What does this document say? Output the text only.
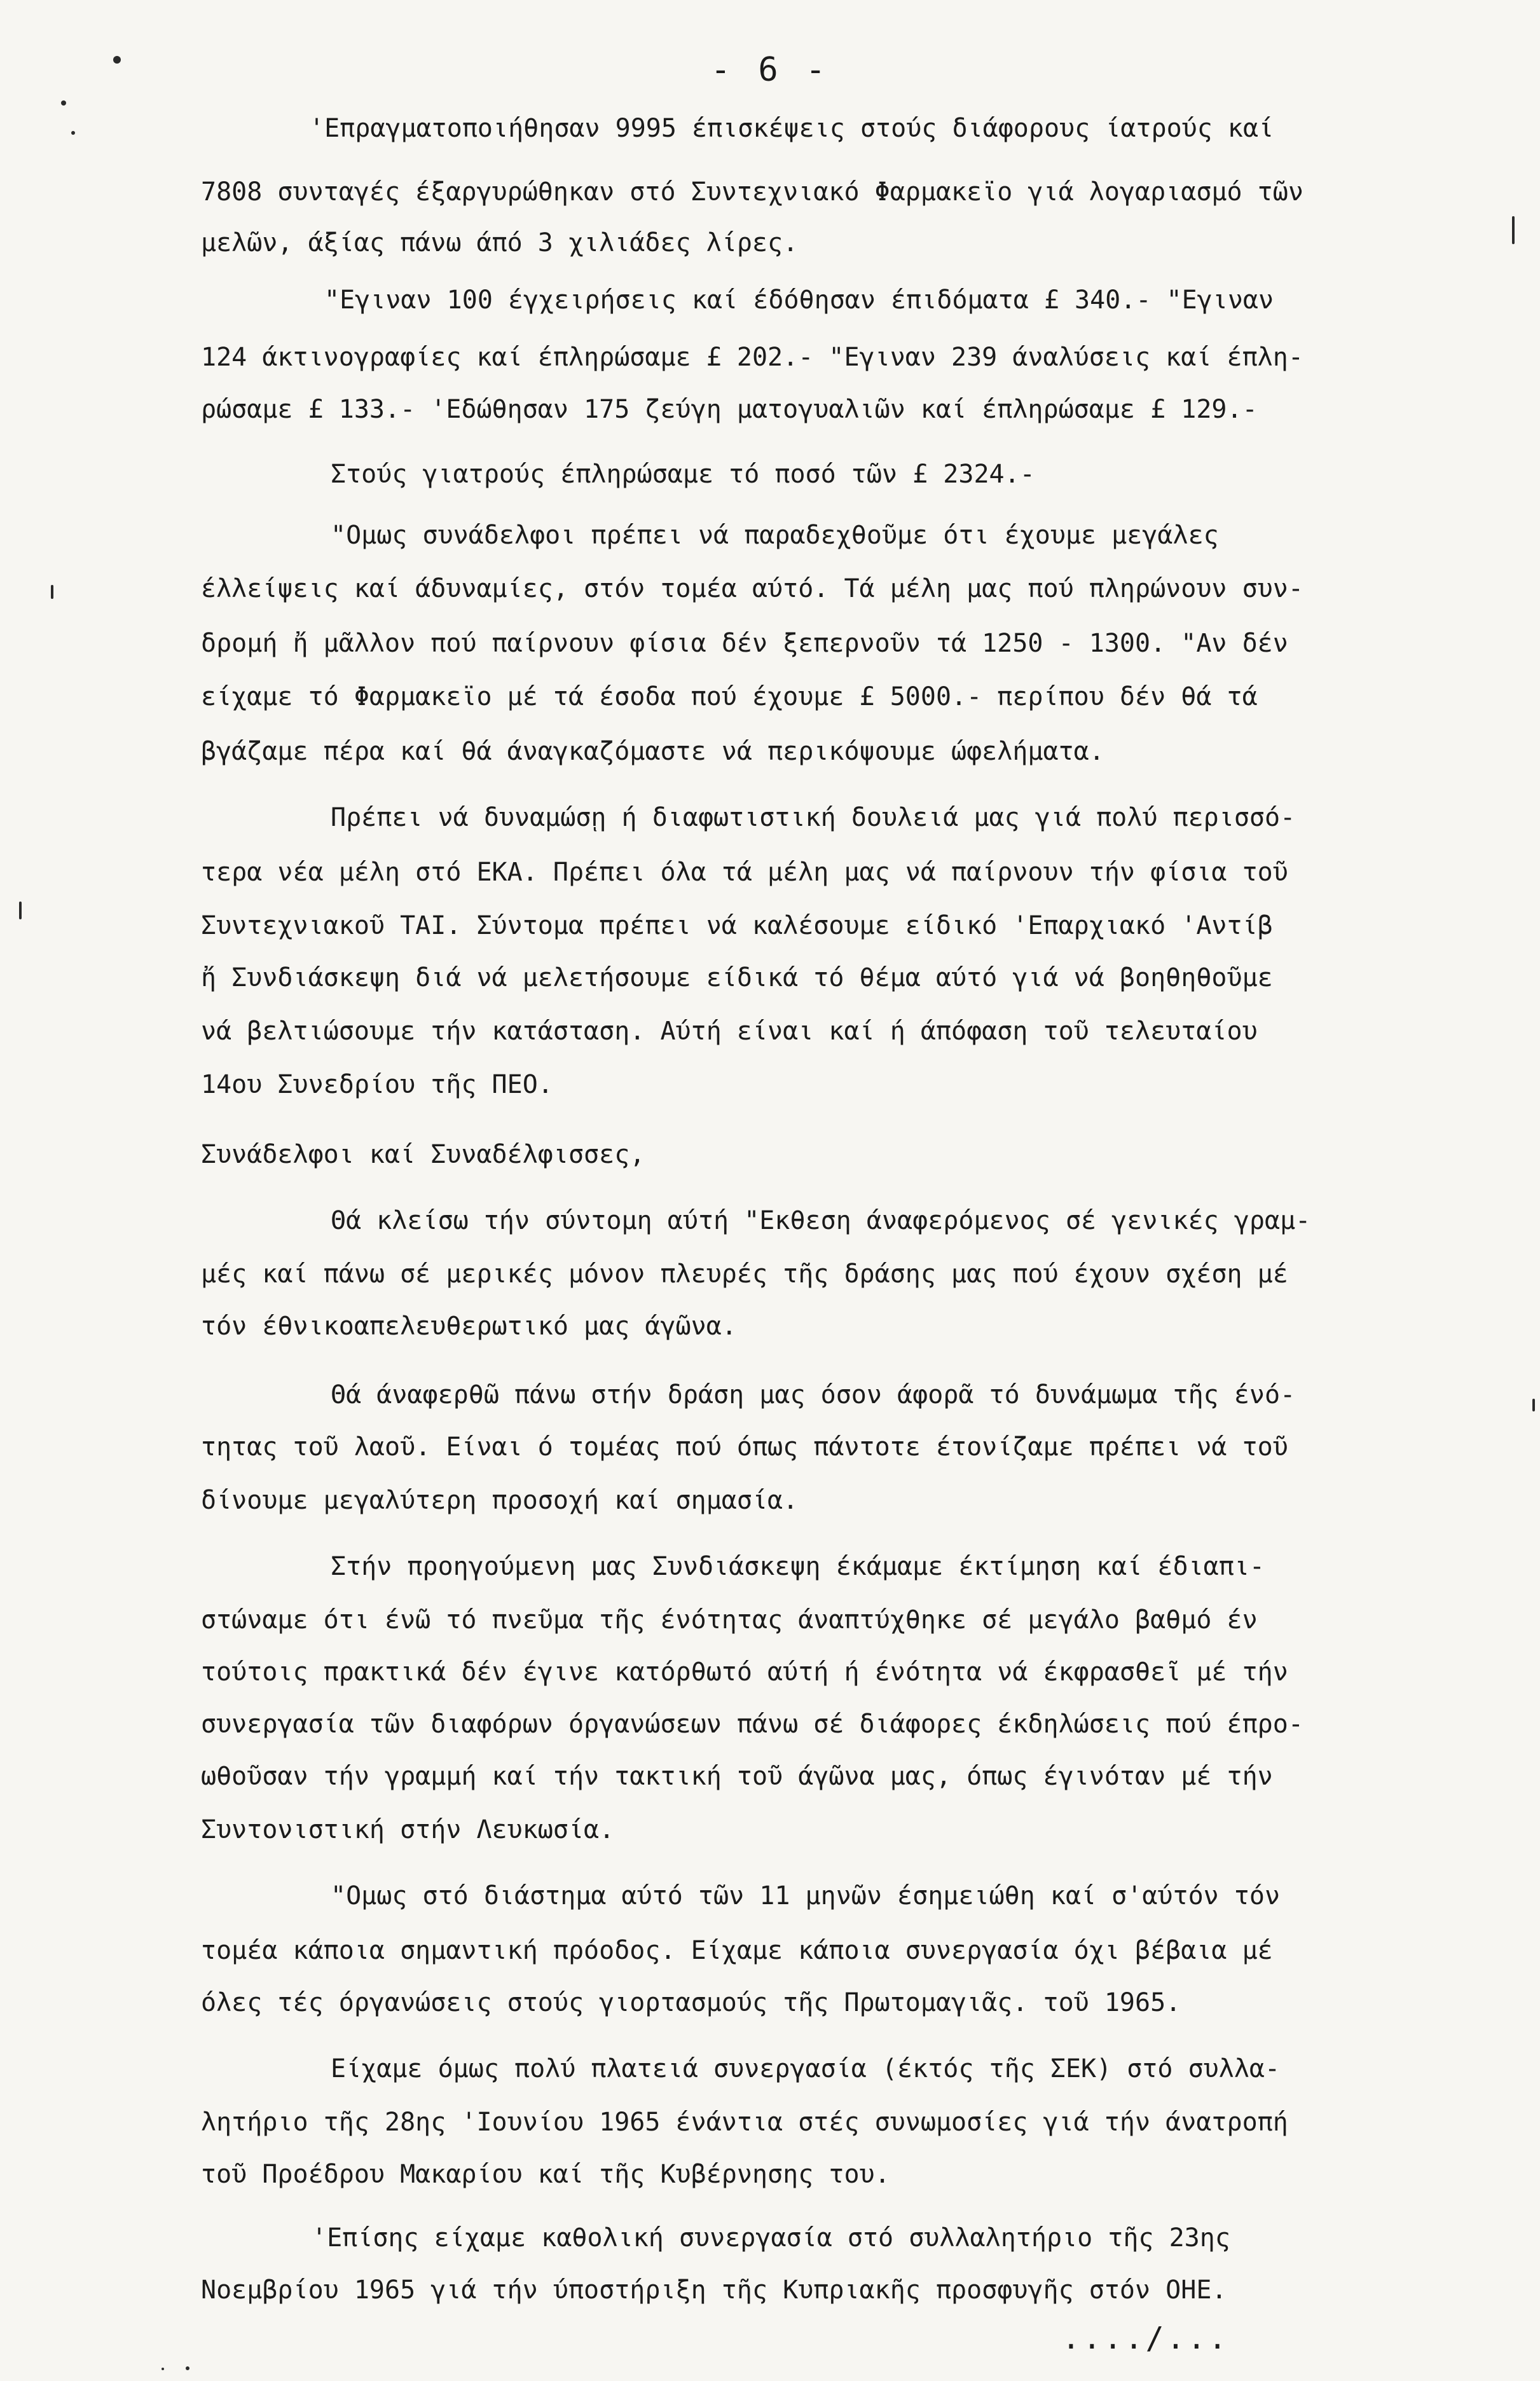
- 6 -
'Επραγματοποιήθησαν 9995 έπισκέψεις στούς διάφορους ίατρούς καί
7808 συνταγές έξαργυρώθηκαν στό Συντεχνιακό Φαρμακεϊο γιά λογαριασμό τῶν
μελῶν, άξίας πάνω άπό 3 χιλιάδες λίρες.
"Εγιναν 100 έγχειρήσεις καί έδόθησαν έπιδόματα £ 340.- "Εγιναν
124 άκτινογραφίες καί έπληρώσαμε £ 202.- "Εγιναν 239 άναλύσεις καί έπλη-
ρώσαμε £ 133.- 'Εδώθησαν 175 ζεύγη ματογυαλιῶν καί έπληρώσαμε £ 129.-
Στούς γιατρούς έπληρώσαμε τό ποσό τῶν £ 2324.-
"Ομως συνάδελφοι πρέπει νά παραδεχθοῦμε ότι έχουμε μεγάλες
έλλείψεις καί άδυναμίες, στόν τομέα αύτό. Τά μέλη μας πού πληρώνουν συν-
δρομή ἤ μᾶλλον πού παίρνουν φίσια δέν ξεπερνοῦν τά 1250 - 1300. "Αν δέν
είχαμε τό Φαρμακεϊο μέ τά έσοδα πού έχουμε £ 5000.- περίπου δέν θά τά
βγάζαμε πέρα καί θά άναγκαζόμαστε νά περικόψουμε ώφελήματα.
Πρέπει νά δυναμώσῃ ή διαφωτιστική δουλειά μας γιά πολύ περισσό-
τερα νέα μέλη στό ΕΚΑ. Πρέπει όλα τά μέλη μας νά παίρνουν τήν φίσια τοῦ
Συντεχνιακοῦ ΤΑΙ. Σύντομα πρέπει νά καλέσουμε είδικό 'Επαρχιακό 'Αντίβ
ἤ Συνδιάσκεψη διά νά μελετήσουμε είδικά τό θέμα αύτό γιά νά βοηθηθοῦμε
νά βελτιώσουμε τήν κατάσταση. Αύτή είναι καί ή άπόφαση τοῦ τελευταίου
14ου Συνεδρίου τῆς ΠΕΟ.
Συνάδελφοι καί Συναδέλφισσες,
Θά κλείσω τήν σύντομη αύτή "Εκθεση άναφερόμενος σέ γενικές γραμ-
μές καί πάνω σέ μερικές μόνον πλευρές τῆς δράσης μας πού έχουν σχέση μέ
τόν έθνικοαπελευθερωτικό μας άγῶνα.
Θά άναφερθῶ πάνω στήν δράση μας όσον άφορᾶ τό δυνάμωμα τῆς ένό-
τητας τοῦ λαοῦ. Είναι ό τομέας πού όπως πάντοτε έτονίζαμε πρέπει νά τοῦ
δίνουμε μεγαλύτερη προσοχή καί σημασία.
Στήν προηγούμενη μας Συνδιάσκεψη έκάμαμε έκτίμηση καί έδιαπι-
στώναμε ότι ένῶ τό πνεῦμα τῆς ένότητας άναπτύχθηκε σέ μεγάλο βαθμό έν
τούτοις πρακτικά δέν έγινε κατόρθωτό αύτή ή ένότητα νά έκφρασθεῖ μέ τήν
συνεργασία τῶν διαφόρων όργανώσεων πάνω σέ διάφορες έκδηλώσεις πού έπρο-
ωθοῦσαν τήν γραμμή καί τήν τακτική τοῦ άγῶνα μας, όπως έγινόταν μέ τήν
Συντονιστική στήν Λευκωσία.
"Ομως στό διάστημα αύτό τῶν 11 μηνῶν έσημειώθη καί σ'αύτόν τόν
τομέα κάποια σημαντική πρόοδος. Είχαμε κάποια συνεργασία όχι βέβαια μέ
όλες τές όργανώσεις στούς γιορτασμούς τῆς Πρωτομαγιᾶς. τοῦ 1965.
Είχαμε όμως πολύ πλατειά συνεργασία (έκτός τῆς ΣΕΚ) στό συλλα-
λητήριο τῆς 28ης 'Ιουνίου 1965 ένάντια στές συνωμοσίες γιά τήν άνατροπή
τοῦ Προέδρου Μακαρίου καί τῆς Κυβέρνησης του.
'Επίσης είχαμε καθολική συνεργασία στό συλλαλητήριο τῆς 23ης
Νοεμβρίου 1965 γιά τήν ύποστήριξη τῆς Κυπριακῆς προσφυγῆς στόν ΟΗΕ.
..../...
